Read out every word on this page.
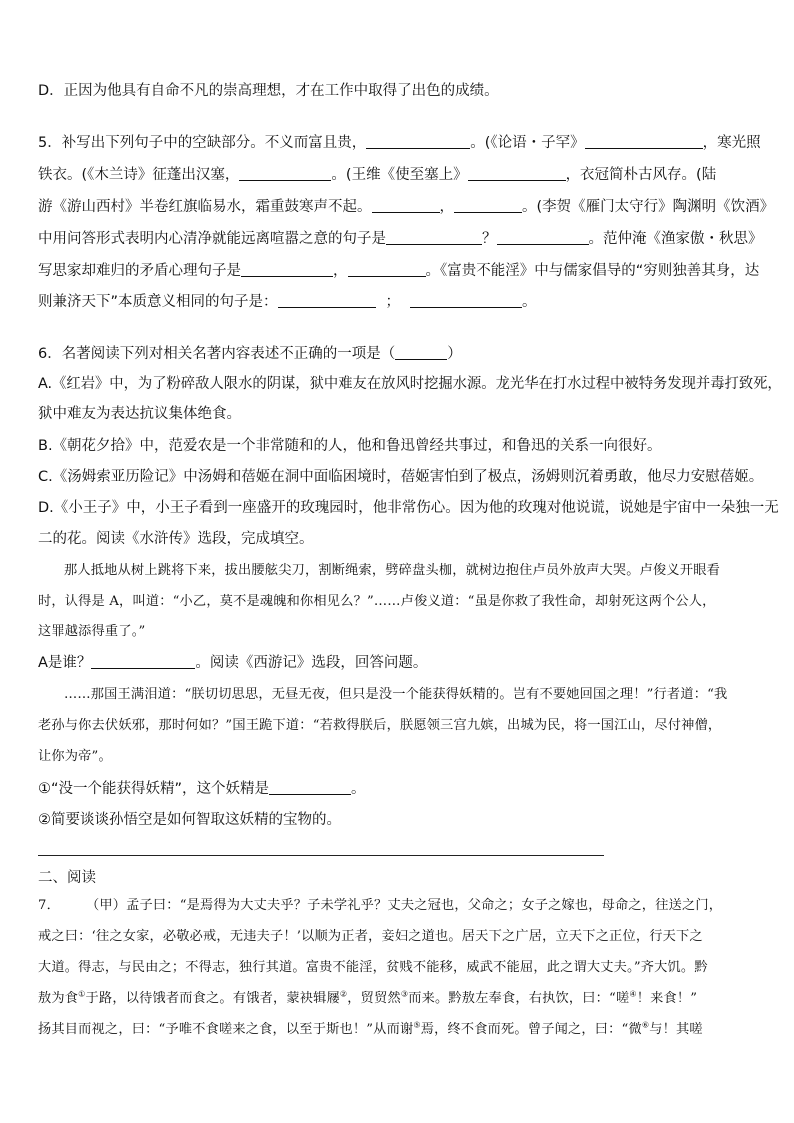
D．正因为他具有自命不凡的崇高理想，才在工作中取得了出色的成绩。
5．补写出下列句子中的空缺部分。不义而富且贵，	。(《论语・子罕》	，寒光照
铁衣。(《木兰诗》征蓬出汉塞，	。(王维《使至塞上》	，衣冠简朴古风存。(陆
游《游山西村》半卷红旗临易水，霜重鼓寒声不起。	，	。(李贺《雁门太守行》陶渊明《饮酒》
中用问答形式表明内心清净就能远离喧嚣之意的句子是	？	。范仲淹《渔家傲・秋思》
写思家却难归的矛盾心理句子是	，	。《富贵不能淫》中与儒家倡导的“穷则独善其身，达
则兼济天下”本质意义相同的句子是：	；	。
6．名著阅读下列对相关名著内容表述不正确的一项是（	）
A.《红岩》中，为了粉碎敌人限水的阴谋，狱中难友在放风时挖掘水源。龙光华在打水过程中被特务发现并毒打致死，
狱中难友为表达抗议集体绝食。
B.《朝花夕拾》中，范爱农是一个非常随和的人，他和鲁迅曾经共事过，和鲁迅的关系一向很好。
C.《汤姆索亚历险记》中汤姆和蓓姬在洞中面临困境时，蓓姬害怕到了极点，汤姆则沉着勇敢，他尽力安慰蓓姬。
D.《小王子》中，小王子看到一座盛开的玫瑰园时，他非常伤心。因为他的玫瑰对他说谎，说她是宇宙中一朵独一无
二的花。阅读《水浒传》选段，完成填空。
那人抵地从树上跳将下来，拔出腰舷尖刀，割断绳索，劈碎盘头枷，就树边抱住卢员外放声大哭。卢俊义开眼看
时，认得是 A，叫道：“小乙，莫不是魂魄和你相见么？”……卢俊义道：“虽是你救了我性命，却射死这两个公人，
这罪越添得重了。”
A是谁？	。阅读《西游记》选段，回答问题。
……那国王满泪道：“朕切切思思，无昼无夜，但只是没一个能获得妖精的。岂有不要她回国之理！”行者道：“我
老孙与你去伏妖邪，那时何如？”国王跪下道：“若救得朕后，朕愿领三宫九嫔，出城为民，将一国江山，尽付神僧，
让你为帝”。
①“没一个能获得妖精”，这个妖精是	。
②简要谈谈孙悟空是如何智取这妖精的宝物的。
二、阅读
7． （甲）孟子曰：“是焉得为大丈夫乎？子未学礼乎？丈夫之冠也，父命之；女子之嫁也，母命之，往送之门，
戒之曰：‘往之女家，必敬必戒，无违夫子！’以顺为正者，妾妇之道也。居天下之广居，立天下之正位，行天下之
大道。得志，与民由之；不得志，独行其道。富贵不能淫，贫贱不能移，威武不能屈，此之谓大丈夫。”齐大饥。黔
敖为食①于路，以待饿者而食之。有饿者，蒙袂辑屦②，贸贸然③而来。黔敖左奉食，右执饮，曰：“嗟④！来食！”
扬其目而视之，曰：“予唯不食嗟来之食，以至于斯也！”从而谢⑤焉，终不食而死。曾子闻之，曰：“微⑥与！其嗟
